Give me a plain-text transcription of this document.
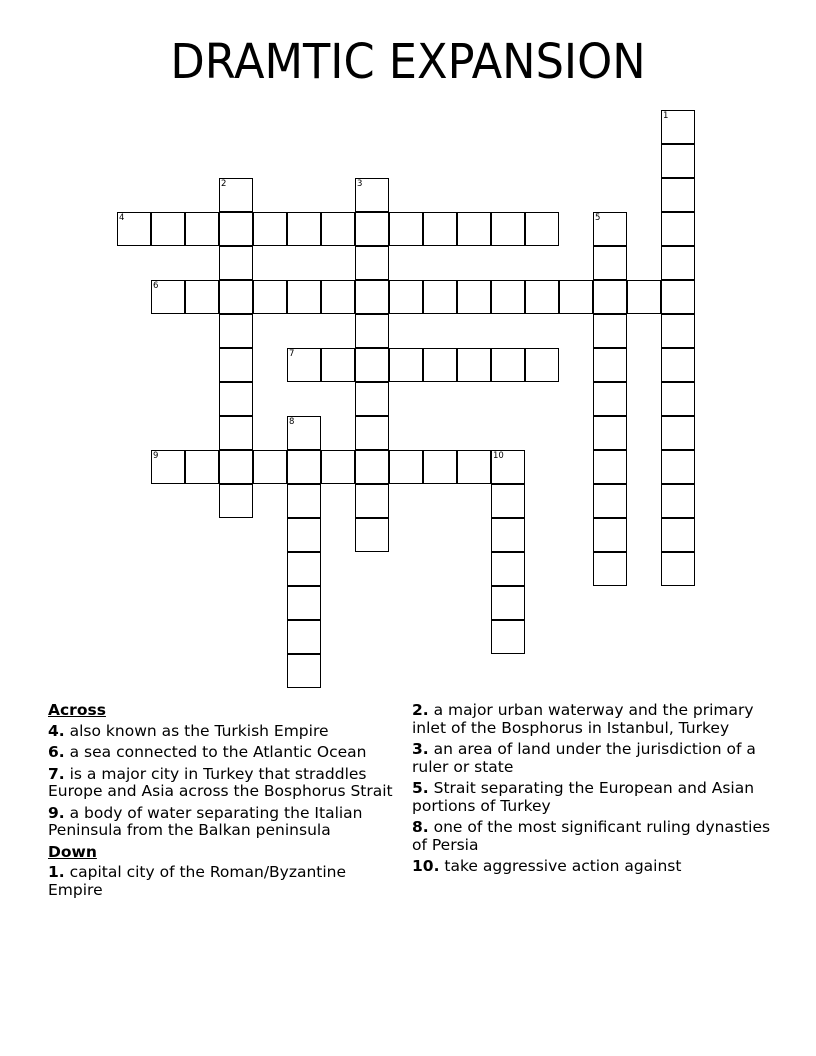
DRAMTIC EXPANSION
1
2	3
4	5
6
7
8
9	10
Across
4. also known as the Turkish Empire
6. a sea connected to the Atlantic Ocean
7. is a major city in Turkey that straddles Europe and Asia across the Bosphorus Strait
9. a body of water separating the Italian Peninsula from the Balkan peninsula
Down
1. capital city of the Roman/Byzantine Empire
2. a major urban waterway and the primary inlet of the Bosphorus in Istanbul, Turkey
3. an area of land under the jurisdiction of a ruler or state
5. Strait separating the European and Asian portions of Turkey
8. one of the most significant ruling dynasties of Persia
10. take aggressive action against
